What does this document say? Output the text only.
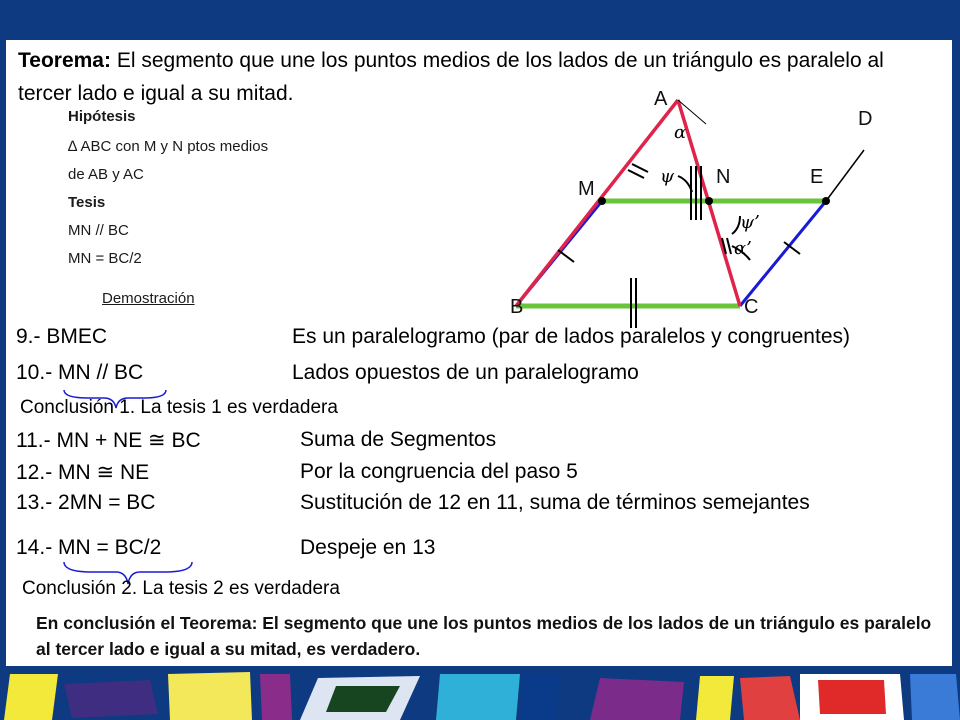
Teorema: El segmento que une los puntos medios de los lados de un triángulo es paralelo al tercer lado e igual a su mitad.
Hipótesis
∆ ABC con M y N ptos medios
de AB y AC
Tesis
MN // BC
MN = BC/2
Demostración
A
D
M
N	E
B	C
α
ψ
ψ’
α’
9.- BMEC	Es un paralelogramo (par de lados paralelos y congruentes)
10.- MN // BC	Lados opuestos de un paralelogramo
Conclusión 1. La tesis 1 es verdadera
11.- MN + NE ≅ BC	Suma de Segmentos
12.- MN ≅ NE	Por la congruencia del paso 5
13.- 2MN = BC	Sustitución de 12 en 11, suma de términos semejantes
14.- MN = BC/2	Despeje en 13
Conclusión 2. La tesis 2 es verdadera
En conclusión el Teorema: El segmento que une los puntos medios de los lados de un triángulo es paralelo al tercer lado e igual a su mitad, es verdadero.
